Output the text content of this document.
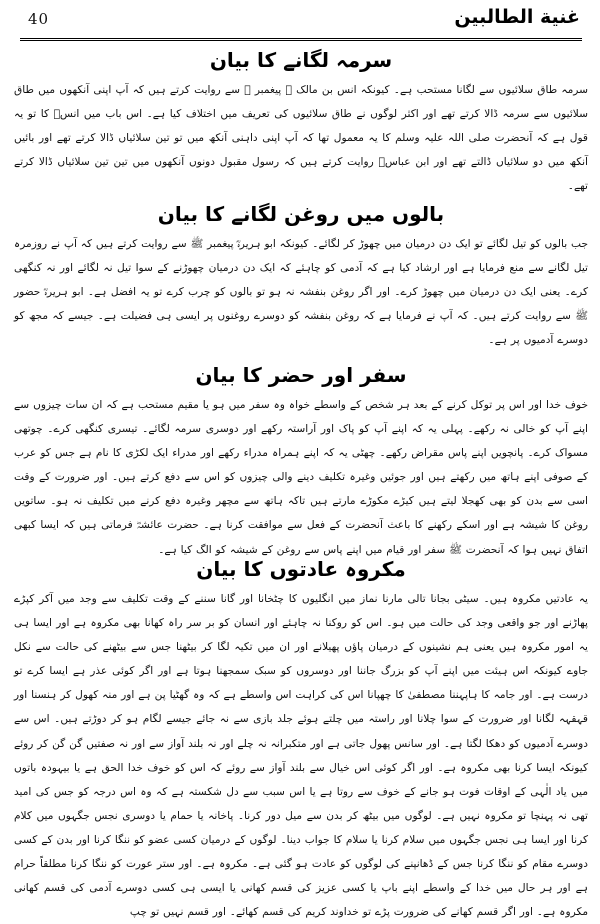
40	غنية الطالبين
سرمہ لگانے کا بیان

سرمہ طاق سلائیوں سے لگانا مستحب ہے۔ کیونکہ انس بن مالک ؓ پیغمبر ﷺ سے روایت کرتے ہیں کہ آپ اپنی آنکھوں میں طاق سلائیوں سے سرمہ ڈالا کرتے تھے اور اکثر لوگوں نے طاق سلائیوں کی تعریف میں اختلاف کیا ہے۔ اس باب میں انسؓ کا تو یہ قول ہے کہ آنحضرت صلی اللہ علیہ وسلم کا یہ معمول تھا کہ آپ اپنی داہنی آنکھ میں تو تین سلائیاں ڈالا کرتے تھے اور بائیں آنکھ میں دو سلائیاں ڈالتے تھے اور ابن عباسؓ روایت کرتے ہیں کہ رسول مقبول دونوں آنکھوں میں تین تین سلائیاں ڈالا کرتے تھے۔

بالوں میں روغن لگانے کا بیان

جب بالوں کو تیل لگائے تو ایک دن درمیان میں چھوڑ کر لگائے۔ کیونکہ ابو ہریرہؓ پیغمبر ﷺ سے روایت کرتے ہیں کہ آپ نے روزمرہ تیل لگانے سے منع فرمایا ہے اور ارشاد کیا ہے کہ آدمی کو چاہئے کہ ایک دن درمیان چھوڑنے کے سوا تیل نہ لگائے اور نہ کنگھی کرے۔ یعنی ایک دن درمیان میں چھوڑ کرے۔ اور اگر روغن بنفشہ نہ ہو تو بالوں کو چرب کرے تو یہ افضل ہے۔ ابو ہریرہؓ حضور ﷺ سے روایت کرتے ہیں۔ کہ آپ نے فرمایا ہے کہ روغن بنفشہ کو دوسرے روغنوں پر ایسی ہی فضیلت ہے۔ جیسے کہ مجھ کو دوسرے آدمیوں پر ہے۔

سفر اور حضر کا بیان

خوف خدا اور اس پر توکل کرنے کے بعد ہر شخص کے واسطے خواہ وہ سفر میں ہو یا مقیم مستحب ہے کہ ان سات چیزوں سے اپنے آپ کو خالی نہ رکھے۔ پہلی یہ کہ اپنے آپ کو پاک اور آراستہ رکھے اور دوسری سرمہ لگائے۔ تیسری کنگھی کرے۔ چوتھی مسواک کرے۔ پانچویں اپنے پاس مقراض رکھے۔ چھٹی یہ کہ اپنے ہمراہ مدراء رکھے اور مدراء ایک لکڑی کا نام ہے جس کو عرب کے صوفی اپنے ہاتھ میں رکھتے ہیں اور جوئیں وغیرہ تکلیف دینے والی چیزوں کو اس سے دفع کرتے ہیں۔ اور ضرورت کے وقت اسی سے بدن کو بھی کھجلا لیتے ہیں کیڑے مکوڑے مارتے ہیں تاکہ ہاتھ سے مچھر وغیرہ دفع کرنے میں تکلیف نہ ہو۔ ساتویں روغن کا شیشہ ہے اور اسکے رکھنے کا باعث آنحضرت کے فعل سے موافقت کرنا ہے۔ حضرت عائشہؓ فرماتی ہیں کہ ایسا کبھی اتفاق نہیں ہوا کہ آنحضرت ﷺ سفر اور قیام میں اپنے پاس سے روغن کے شیشہ کو الگ کیا ہے۔

مکروہ عادتوں کا بیان

یہ عادتیں مکروہ ہیں۔ سیٹی بجانا تالی مارنا نماز میں انگلیوں کا چٹخانا اور گانا سننے کے وقت تکلیف سے وجد میں آکر کپڑے پھاڑنے اور جو واقعی وجد کی حالت میں ہو۔ اس کو روکنا نہ چاہئے اور انسان کو بر سر راہ کھانا بھی مکروہ ہے اور ایسا ہی یہ امور مکروہ ہیں یعنی ہم نشینوں کے درمیان پاؤں پھیلانے اور ان میں تکیہ لگا کر بیٹھنا جس سے بیٹھنے کی حالت سے نکل جاوے کیونکہ اس ہیئت میں اپنے آپ کو بزرگ جاننا اور دوسروں کو سبک سمجھنا ہوتا ہے اور اگر کوئی عذر ہے ایسا کرے تو درست ہے۔ اور جامہ کا ہاپہننا مصطفیٰ کا چھپانا اس کی کراہت اس واسطے ہے کہ وہ گھٹیا پن ہے اور منہ کھول کر ہنسنا اور قہقہہ لگانا اور ضرورت کے سوا چلانا اور راستہ میں چلتے ہوئے جلد بازی سے نہ جائے جیسے لگام ہو کر دوڑتے ہیں۔ اس سے دوسرے آدمیوں کو دھکا لگتا ہے۔ اور سانس پھول جاتی ہے اور متکبرانہ نہ چلے اور نہ بلند آواز سے اور نہ صفتیں گن گن کر روئے کیونکہ ایسا کرنا بھی مکروہ ہے۔ اور اگر کوئی اس خیال سے بلند آواز سے روئے کہ اس کو خوف خدا الحق ہے یا بیہودہ باتوں میں یاد الٰہی کے اوقات فوت ہو جانے کے خوف سے روتا ہے یا اس سبب سے دل شکستہ ہے کہ وہ اس درجہ کو جس کی امید تھی نہ پہنچا تو مکروہ نہیں ہے۔ لوگوں میں بیٹھ کر بدن سے میل دور کرنا۔ پاخانہ یا حمام یا دوسری نجس جگہوں میں کلام کرنا اور ایسا ہی نجس جگہوں میں سلام کرنا یا سلام کا جواب دینا۔ لوگوں کے درمیان کسی عضو کو ننگا کرنا اور بدن کے کسی دوسرے مقام کو ننگا کرنا جس کے ڈھانپنے کی لوگوں کو عادت ہو گئی ہے۔ مکروہ ہے۔ اور ستر عورت کو ننگا کرنا مطلقاً حرام ہے اور ہر حال میں خدا کے واسطے اپنے باپ یا کسی عزیز کی قسم کھانی یا ایسی ہی کسی دوسرے آدمی کی قسم کھانی مکروہ ہے۔ اور اگر قسم کھانے کی ضرورت پڑے تو خداوند کریم کی قسم کھائے۔ اور قسم نہیں تو چپ
